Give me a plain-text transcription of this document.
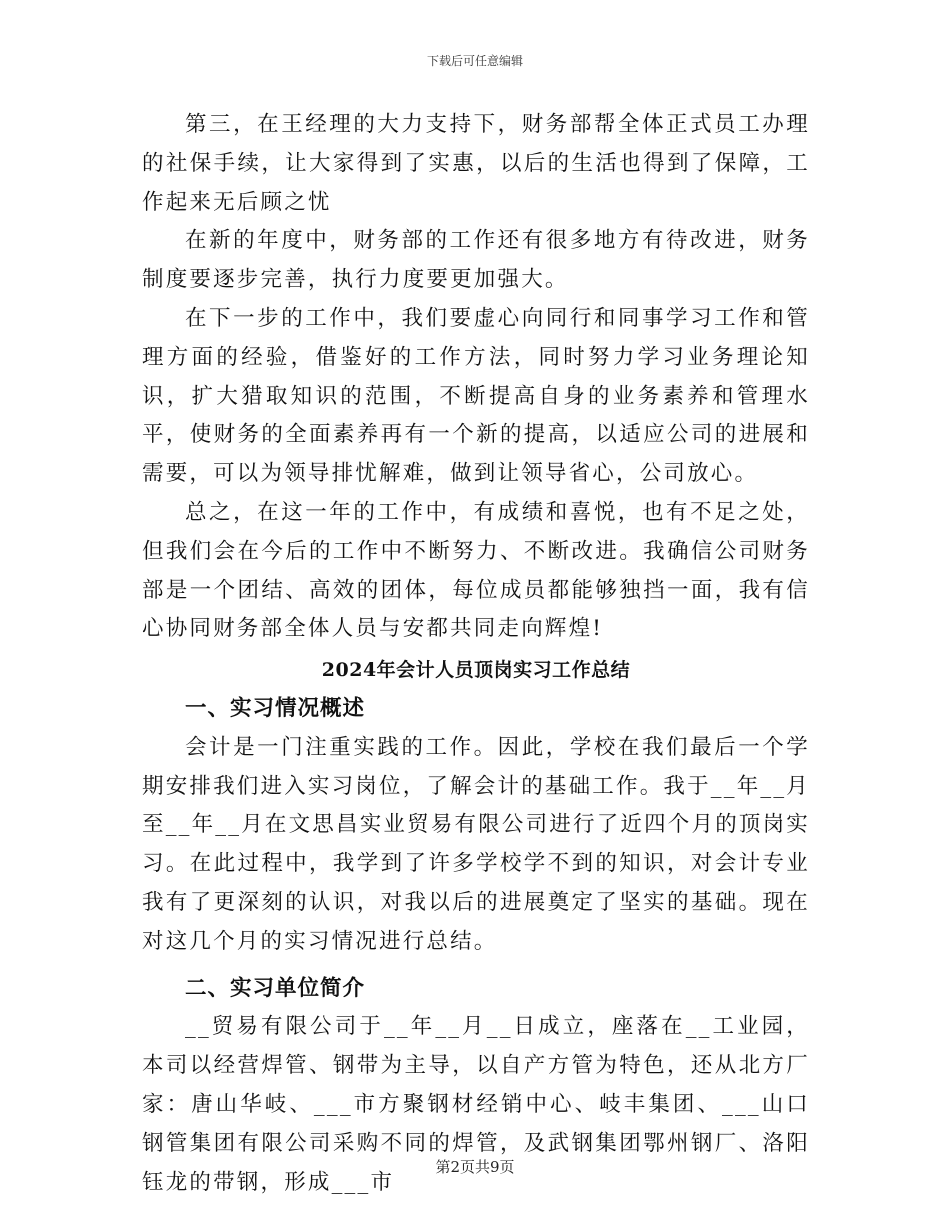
下载后可任意编辑

第三，在王经理的大力支持下，财务部帮全体正式员工办理的社保手续，让大家得到了实惠，以后的生活也得到了保障，工作起来无后顾之忧

在新的年度中，财务部的工作还有很多地方有待改进，财务制度要逐步完善，执行力度要更加强大。

在下一步的工作中，我们要虚心向同行和同事学习工作和管理方面的经验，借鉴好的工作方法，同时努力学习业务理论知识，扩大猎取知识的范围，不断提高自身的业务素养和管理水平，使财务的全面素养再有一个新的提高，以适应公司的进展和需要，可以为领导排忧解难，做到让领导省心，公司放心。

总之，在这一年的工作中，有成绩和喜悦，也有不足之处，但我们会在今后的工作中不断努力、不断改进。我确信公司财务部是一个团结、高效的团体，每位成员都能够独挡一面，我有信心协同财务部全体人员与安都共同走向辉煌!

2024年会计人员顶岗实习工作总结

一、实习情况概述

会计是一门注重实践的工作。因此，学校在我们最后一个学期安排我们进入实习岗位，了解会计的基础工作。我于__年__月至__年__月在文思昌实业贸易有限公司进行了近四个月的顶岗实习。在此过程中，我学到了许多学校学不到的知识，对会计专业我有了更深刻的认识，对我以后的进展奠定了坚实的基础。现在对这几个月的实习情况进行总结。

二、实习单位简介

__贸易有限公司于__年__月__日成立，座落在__工业园，本司以经营焊管、钢带为主导，以自产方管为特色，还从北方厂家：唐山华岐、___市方聚钢材经销中心、岐丰集团、___山口钢管集团有限公司采购不同的焊管，及武钢集团鄂州钢厂、洛阳钰龙的带钢，形成___市

第2页共9页
